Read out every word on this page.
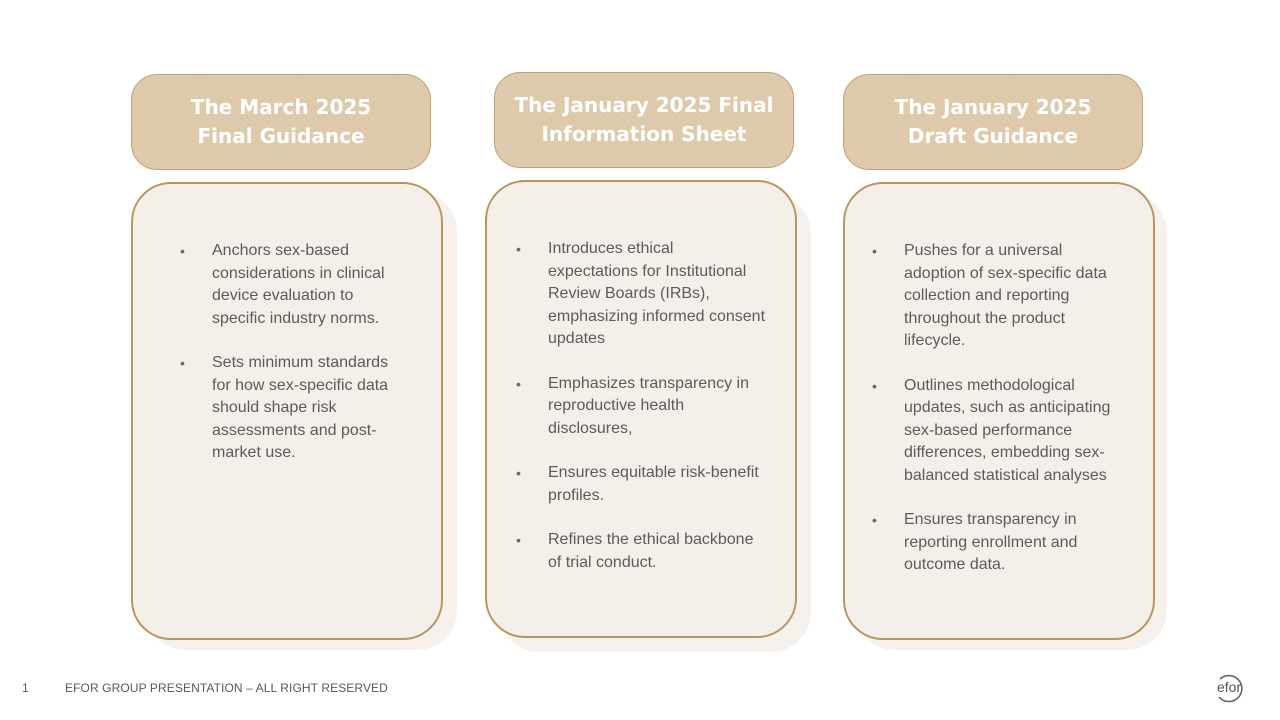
The March 2025
Final Guidance
• Anchors sex-based considerations in clinical device evaluation to specific industry norms.
• Sets minimum standards for how sex-specific data should shape risk assessments and post-market use.
The January 2025 Final
Information Sheet
• Introduces ethical expectations for Institutional Review Boards (IRBs), emphasizing informed consent updates
• Emphasizes transparency in reproductive health disclosures,
• Ensures equitable risk-benefit profiles.
• Refines the ethical backbone of trial conduct.
The January 2025
Draft Guidance
• Pushes for a universal adoption of sex-specific data collection and reporting throughout the product lifecycle.
• Outlines methodological updates, such as anticipating sex-based performance differences, embedding sex-balanced statistical analyses
• Ensures transparency in reporting enrollment and outcome data.
1	EFOR GROUP PRESENTATION – ALL RIGHT RESERVED	efor
